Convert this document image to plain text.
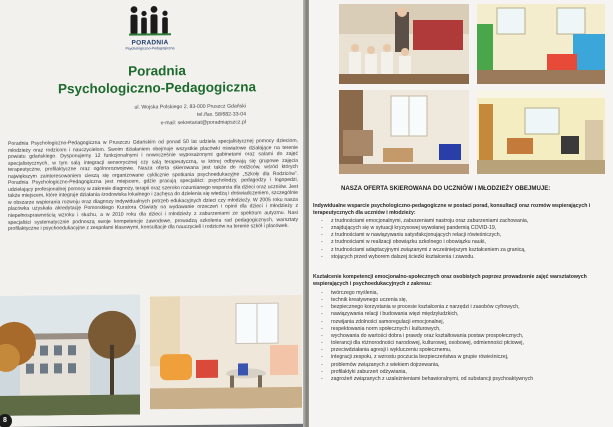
PORADNIA
Psychologiczno-Pedagogiczna
Poradnia
Psychologiczno-Pedagogiczna
ul. Wojska Polskiego 2, 83-000 Pruszcz Gdański
tel./fax. 58/682-33-04
e-mail: sekretariat@poradniapszcz.pl
Poradnia Psychologiczno-Pedagogiczna w Pruszczu Gdańskim od ponad 50 lat udziela specjalistycznej pomocy dzieciom, młodzieży oraz rodzicom i nauczycielom. Swoim działaniem obejmuje wszystkie placówki oświatowe działające na terenie powiatu gdańskiego. Dysponujemy 12 funkcjonalnymi i nowocześnie wyposażonymi gabinetami oraz salami do zajęć specjalistycznych, w tym salą integracji sensorycznej czy salą terapeutyczną, w której odbywają się grupowe zajęcia terapeutyczne, profilaktyczne oraz ogólnorozwojowe. Nasza oferta skierowana jest także do rodziców, wśród których największym zainteresowaniem cieszą się organizowane cyklicznie spotkania psychoedukacyjne „Szkoły dla Rodziców”. Poradnia Psychologiczno-Pedagogiczna jest miejscem, gdzie pracują specjaliści: psycholodzy, pedagodzy i logopedzi, udzielający profesjonalnej pomocy w zakresie diagnozy, terapii oraz szeroko rozumianego wsparcia dla dzieci oraz uczniów. Jest także miejscem, które integruje działania środowiska lokalnego i zachęca do dzielenia się wiedzą i doświadczeniem, szczególnie w obszarze wspierania rozwoju oraz diagnozy indywidualnych potrzeb edukacyjnych dzieci czy młodzieży. W 2005 roku nasza placówka uzyskała akredytację Pomorskiego Kuratora Oświaty na wydawanie orzeczeń i opinii dla dzieci i młodzieży z niepełnosprawnością wzroku i słuchu, a w 2010 roku dla dzieci i młodzieży z zaburzeniami ze spektrum autyzmu. Nasi specjaliści systematycznie podnoszą swoje kompetencje zawodowe, prowadzą szkolenia rad pedagogicznych, warsztaty profilaktyczne i psychoedukacyjne z zespołami klasowymi, konsultacje dla nauczycieli i rodziców na terenie szkół i placówek.
8
NASZA OFERTA SKIEROWANA DO UCZNIÓW I MŁODZIEŻY OBEJMUJE:
Indywidualne wsparcie psychologiczno-pedagogiczne w postaci porad, konsultacji oraz rozmów wspierających i terapeutycznych dla uczniów i młodzieży:
- z trudnościami emocjonalnymi, zaburzeniami nastroju oraz zaburzeniami zachowania,
- znajdujących się w sytuacji kryzysowej wywołanej pandemią COVID-19,
- z trudnościami w nawiązywaniu satysfakcjonujących relacji rówieśniczych,
- z trudnościami w realizacji obowiązku szkolnego i obowiązku nauki,
- z trudnościami adaptacyjnymi związanymi z wcześniejszym kształceniem za granicą,
- stojących przed wyborem dalszej ścieżki kształcenia i zawodu.
Kształcenie kompetencji emocjonalno-społecznych oraz osobistych poprzez prowadzenie zajęć warsztatowych wspierających i psychoedukacyjnych z zakresu:
- twórczego myślenia,
- technik kreatywnego uczenia się,
- bezpiecznego korzystania w procesie kształcenia z narzędzi i zasobów cyfrowych,
- nawiązywania relacji i budowania więzi międzyludzkich,
- rozwijania zdolności samoregulacji emocjonalnej,
- respektowania norm społecznych i kulturowych,
- wychowania do wartości dobra i prawdy oraz kształtowania postaw prospołecznych,
- tolerancji dla różnorodności narodowej, kulturowej, osobowej, odmienności płciowej,
- przeciwdziałania agresji i wykluczeniu społecznemu,
- integracji zespołu, z wzrostu poczucia bezpieczeństwa w grupie rówieśniczej,
- problemów związanych z wiekiem dojrzewania,
- profilaktyki zaburzeń odżywiania,
- zagrożeń związanych z uzależnieniami behawioralnymi, od substancji psychoaktywnych
